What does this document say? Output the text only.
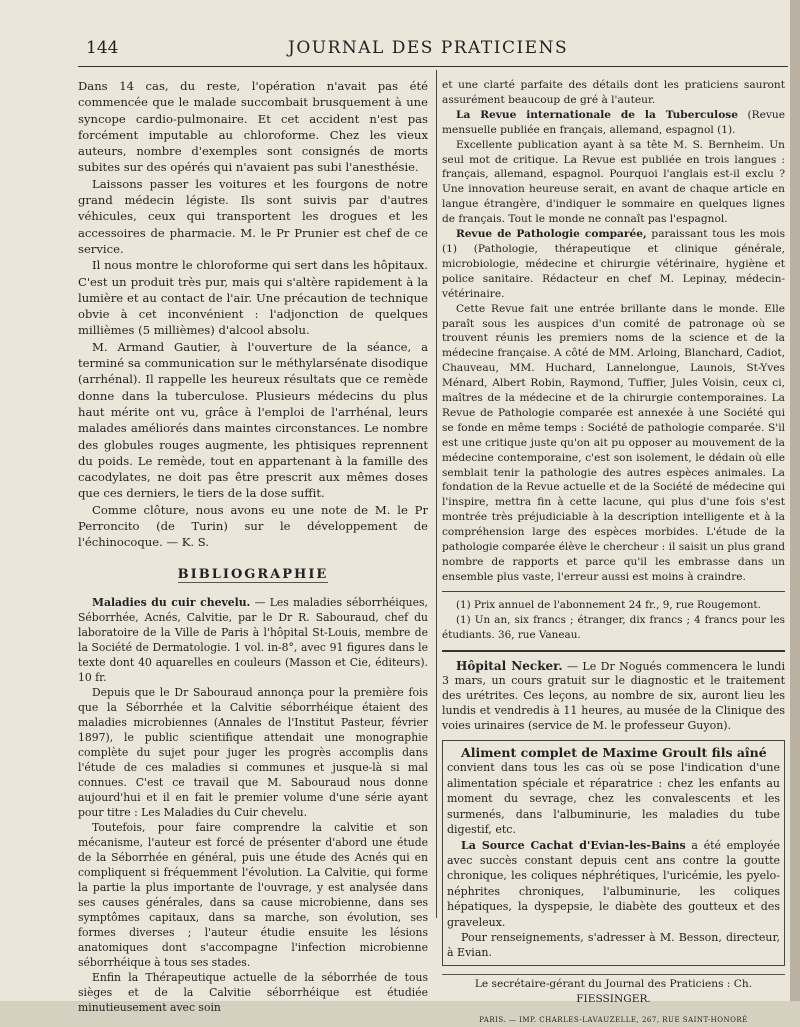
144	JOURNAL DES PRATICIENS

Dans 14 cas, du reste, l'opération n'avait pas été commencée que le malade succombait brusquement à une syncope cardio-pulmonaire. Et cet accident n'est pas forcément imputable au chloroforme. Chez les vieux auteurs, nombre d'exemples sont consignés de morts subites sur des opérés qui n'avaient pas subi l'anesthésie.

Laissons passer les voitures et les fourgons de notre grand médecin légiste. Ils sont suivis par d'autres véhicules, ceux qui transportent les drogues et les accessoires de pharmacie. M. le Pr Prunier est chef de ce service.

Il nous montre le chloroforme qui sert dans les hôpitaux. C'est un produit très pur, mais qui s'altère rapidement à la lumière et au contact de l'air. Une précaution de technique obvie à cet inconvénient : l'adjonction de quelques millièmes (5 millièmes) d'alcool absolu.

M. Armand Gautier, à l'ouverture de la séance, a terminé sa communication sur le méthylarsénate disodique (arrhénal). Il rappelle les heureux résultats que ce remède donne dans la tuberculose. Plusieurs médecins du plus haut mérite ont vu, grâce à l'emploi de l'arrhénal, leurs malades améliorés dans maintes circonstances. Le nombre des globules rouges augmente, les phtisiques reprennent du poids. Le remède, tout en appartenant à la famille des cacodylates, ne doit pas être prescrit aux mêmes doses que ces derniers, le tiers de la dose suffit.

Comme clôture, nous avons eu une note de M. le Pr Perroncito (de Turin) sur le développement de l'échinocoque. — K. S.

BIBLIOGRAPHIE

Maladies du cuir chevelu. — Les maladies séborrhéiques, Séborrhée, Acnés, Calvitie, par le Dr R. Sabouraud, chef du laboratoire de la Ville de Paris à l'hôpital St-Louis, membre de la Société de Dermatologie. 1 vol. in-8°, avec 91 figures dans le texte dont 40 aquarelles en couleurs (Masson et Cie, éditeurs). 10 fr.

Depuis que le Dr Sabouraud annonça pour la première fois que la Séborrhée et la Calvitie séborrhéique étaient des maladies microbiennes (Annales de l'Institut Pasteur, février 1897), le public scientifique attendait une monographie complète du sujet pour juger les progrès accomplis dans l'étude de ces maladies si communes et jusque-là si mal connues. C'est ce travail que M. Sabouraud nous donne aujourd'hui et il en fait le premier volume d'une série ayant pour titre : Les Maladies du Cuir chevelu.

Toutefois, pour faire comprendre la calvitie et son mécanisme, l'auteur est forcé de présenter d'abord une étude de la Séborrhée en général, puis une étude des Acnés qui en compliquent si fréquemment l'évolution. La Calvitie, qui forme la partie la plus importante de l'ouvrage, y est analysée dans ses causes générales, dans sa cause microbienne, dans ses symptômes capitaux, dans sa marche, son évolution, ses formes diverses ; l'auteur étudie ensuite les lésions anatomiques dont s'accompagne l'infection microbienne séborrhéique à tous ses stades.

Enfin la Thérapeutique actuelle de la séborrhée de tous sièges et de la Calvitie séborrhéique est étudiée minutieusement avec soin

et une clarté parfaite des détails dont les praticiens sauront assurément beaucoup de gré à l'auteur.

La Revue internationale de la Tuberculose (Revue mensuelle publiée en français, allemand, espagnol (1).

Excellente publication ayant à sa tête M. S. Bernheim. Un seul mot de critique. La Revue est publiée en trois langues : français, allemand, espagnol. Pourquoi l'anglais est-il exclu ? Une innovation heureuse serait, en avant de chaque article en langue étrangère, d'indiquer le sommaire en quelques lignes de français. Tout le monde ne connaît pas l'espagnol.

Revue de Pathologie comparée, paraissant tous les mois (1) (Pathologie, thérapeutique et clinique générale, microbiologie, médecine et chirurgie vétérinaire, hygiène et police sanitaire. Rédacteur en chef M. Lepinay, médecin-vétérinaire.

Cette Revue fait une entrée brillante dans le monde. Elle paraît sous les auspices d'un comité de patronage où se trouvent réunis les premiers noms de la science et de la médecine française. A côté de MM. Arloing, Blanchard, Cadiot, Chauveau, MM. Huchard, Lannelongue, Launois, St-Yves Ménard, Albert Robin, Raymond, Tuffier, Jules Voisin, ceux ci, maîtres de la médecine et de la chirurgie contemporaines. La Revue de Pathologie comparée est annexée à une Société qui se fonde en même temps : Société de pathologie comparée. S'il est une critique juste qu'on ait pu opposer au mouvement de la médecine contemporaine, c'est son isolement, le dédain où elle semblait tenir la pathologie des autres espèces animales. La fondation de la Revue actuelle et de la Société de médecine qui l'inspire, mettra fin à cette lacune, qui plus d'une fois s'est montrée très préjudiciable à la description intelligente et à la compréhension large des espèces morbides. L'étude de la pathologie comparée élève le chercheur : il saisit un plus grand nombre de rapports et parce qu'il les embrasse dans un ensemble plus vaste, l'erreur aussi est moins à craindre.

(1) Prix annuel de l'abonnement 24 fr., 9, rue Rougemont.

(1) Un an, six francs ; étranger, dix francs ; 4 francs pour les étudiants. 36, rue Vaneau.

Hôpital Necker. — Le Dr Nogués commencera le lundi 3 mars, un cours gratuit sur le diagnostic et le traitement des urétrites. Ces leçons, au nombre de six, auront lieu les lundis et vendredis à 11 heures, au musée de la Clinique des voies urinaires (service de M. le professeur Guyon).

Aliment complet de Maxime Groult fils aîné

convient dans tous les cas où se pose l'indication d'une alimentation spéciale et réparatrice : chez les enfants au moment du sevrage, chez les convalescents et les surmenés, dans l'albuminurie, les maladies du tube digestif, etc.

La Source Cachat d'Evian-les-Bains a été employée avec succès constant depuis cent ans contre la goutte chronique, les coliques néphrétiques, l'uricémie, les pyelo-néphrites chroniques, l'albuminurie, les coliques hépatiques, la dyspepsie, le diabète des goutteux et des graveleux.

Pour renseignements, s'adresser à M. Besson, directeur, à Evian.

Le secrétaire-gérant du Journal des Praticiens : Ch. FIESSINGER.
PARIS. — IMP. CHARLES-LAVAUZELLE, 267, RUE SAINT-HONORÉ
